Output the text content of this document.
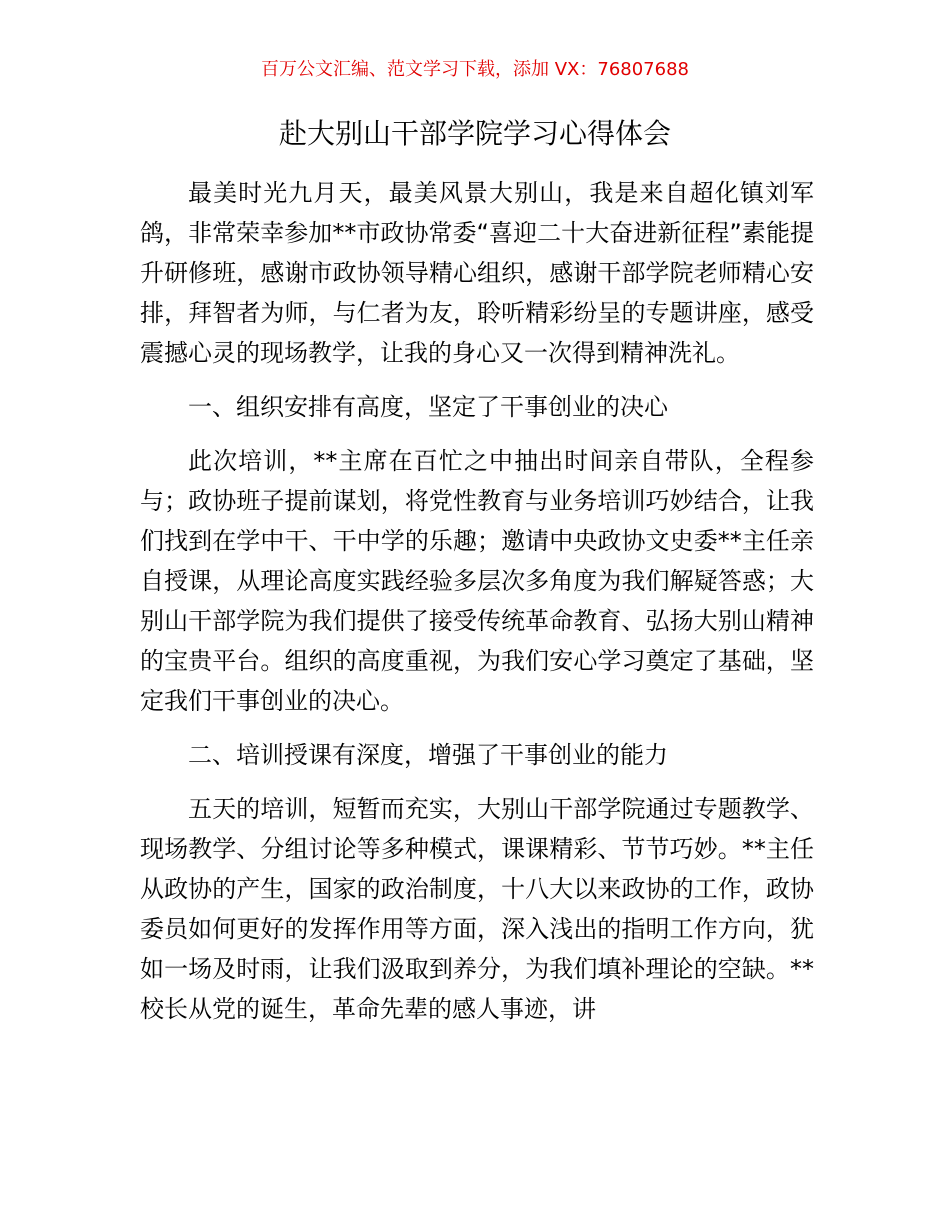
百万公文汇编、范文学习下载，添加 VX：76807688
赴大别山干部学院学习心得体会

最美时光九月天，最美风景大别山，我是来自超化镇刘军鸽，非常荣幸参加**市政协常委“喜迎二十大奋进新征程”素能提升研修班，感谢市政协领导精心组织，感谢干部学院老师精心安排，拜智者为师，与仁者为友，聆听精彩纷呈的专题讲座，感受震撼心灵的现场教学，让我的身心又一次得到精神洗礼。

一、组织安排有高度，坚定了干事创业的决心

此次培训，**主席在百忙之中抽出时间亲自带队，全程参与；政协班子提前谋划，将党性教育与业务培训巧妙结合，让我们找到在学中干、干中学的乐趣；邀请中央政协文史委**主任亲自授课，从理论高度实践经验多层次多角度为我们解疑答惑；大别山干部学院为我们提供了接受传统革命教育、弘扬大别山精神的宝贵平台。组织的高度重视，为我们安心学习奠定了基础，坚定我们干事创业的决心。

二、培训授课有深度，增强了干事创业的能力

五天的培训，短暂而充实，大别山干部学院通过专题教学、现场教学、分组讨论等多种模式，课课精彩、节节巧妙。**主任从政协的产生，国家的政治制度，十八大以来政协的工作，政协委员如何更好的发挥作用等方面，深入浅出的指明工作方向，犹如一场及时雨，让我们汲取到养分，为我们填补理论的空缺。**校长从党的诞生，革命先辈的感人事迹，讲
